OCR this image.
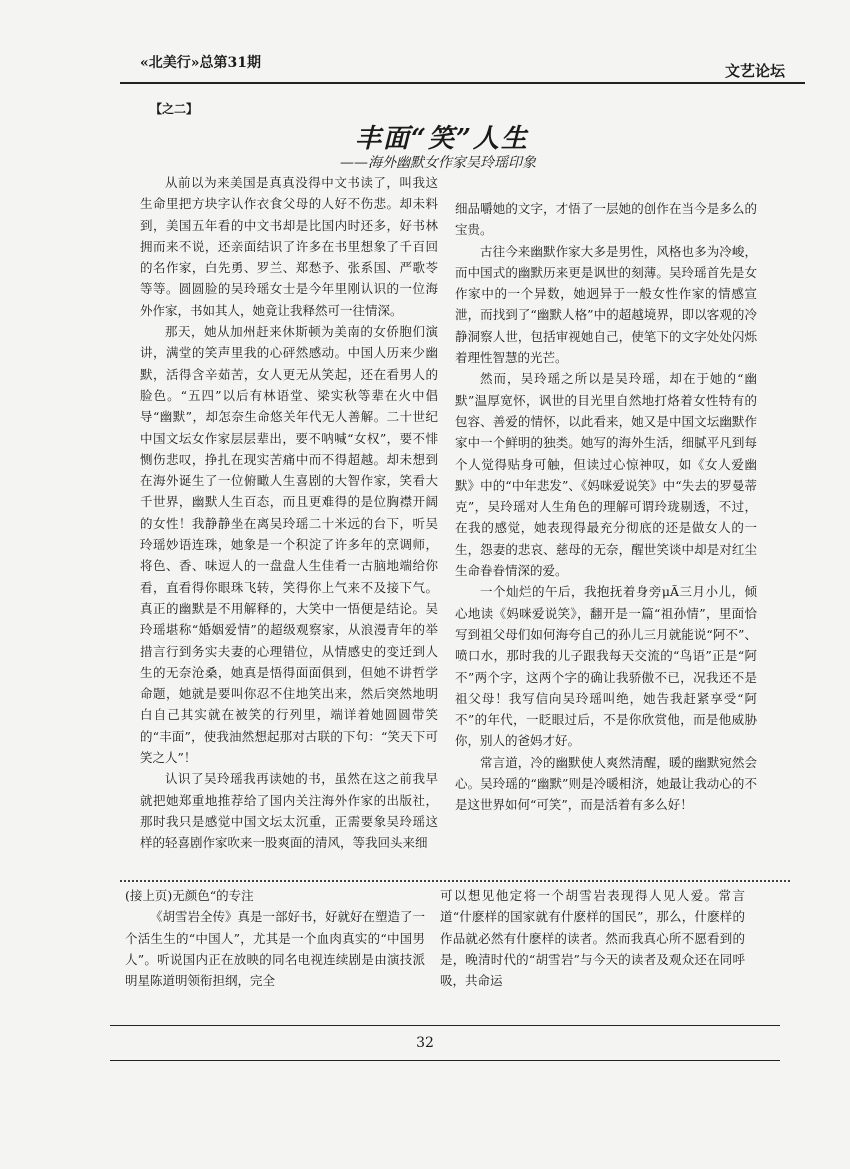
«北美行»总第31期	文艺论坛
【之二】
丰面“笑”人生
——海外幽默女作家吴玲瑶印象

从前以为来美国是真真没得中文书读了，叫我这生命里把方块字认作衣食父母的人好不伤悲。却未料到，美国五年看的中文书却是比国内时还多，好书林拥而来不说，还亲面结识了许多在书里想象了千百回的名作家，白先勇、罗兰、郑愁予、张系国、严歌苓等等。圆圆脸的吴玲瑶女士是今年里刚认识的一位海外作家，书如其人，她竟让我释然可一往情深。

那天，她从加州赶来休斯顿为美南的女侨胞们演讲，满堂的笑声里我的心砰然感动。中国人历来少幽默，活得含辛茹苦，女人更无从笑起，还在看男人的脸色。“五四”以后有林语堂、梁实秋等辈在火中倡导“幽默”，却怎奈生命悠关年代无人善解。二十世纪中国文坛女作家层层辈出，要不呐喊“女权”，要不悱恻伤悲叹，挣扎在现实苦痛中而不得超越。却未想到在海外诞生了一位俯瞰人生喜剧的大智作家，笑看大千世界，幽默人生百态，而且更难得的是位胸襟开阔的女性！我静静坐在离吴玲瑶二十米远的台下，听吴玲瑶妙语连珠，她象是一个积淀了许多年的烹调师，将色、香、味逗人的一盘盘人生佳肴一古脑地端给你看，直看得你眼珠飞转，笑得你上气来不及接下气。真正的幽默是不用解释的，大笑中一悟便是结论。吴玲瑶堪称“婚姻爱情”的超级观察家，从浪漫青年的举措言行到务实夫妻的心理错位，从情感史的变迁到人生的无奈沧桑，她真是悟得面面俱到，但她不讲哲学命题，她就是要叫你忍不住地笑出来，然后突然地明白自己其实就在被笑的行列里，端详着她圆圆带笑的“丰面”，使我油然想起那对古联的下句：“笑天下可笑之人”！

认识了吴玲瑶我再读她的书，虽然在这之前我早就把她郑重地推荐给了国内关注海外作家的出版社，那时我只是感觉中国文坛太沉重，正需要象吴玲瑶这样的轻喜剧作家吹来一股爽面的清风，等我回头来细

细品嚼她的文字，才悟了一层她的创作在当今是多么的宝贵。

古往今来幽默作家大多是男性，风格也多为冷峻，而中国式的幽默历来更是讽世的刻薄。吴玲瑶首先是女作家中的一个异数，她迥异于一般女性作家的情感宣泄，而找到了“幽默人格”中的超越境界，即以客观的冷静洞察人世，包括审视她自己，使笔下的文字处处闪烁着理性智慧的光芒。

然而，吴玲瑶之所以是吴玲瑶，却在于她的“幽默”温厚宽怀，讽世的目光里自然地打烙着女性特有的包容、善爱的情怀，以此看来，她又是中国文坛幽默作家中一个鲜明的独类。她写的海外生活，细腻平凡到每个人觉得贴身可触，但读过心惊神叹，如《女人爱幽默》中的“中年悲发”、《妈咪爱说笑》中“失去的罗曼蒂克”，吴玲瑶对人生角色的理解可谓玲珑剔透，不过，在我的感觉，她表现得最充分彻底的还是做女人的一生，怨妻的悲哀、慈母的无奈，醒世笑谈中却是对红尘生命眷眷情深的爱。

一个灿烂的午后，我抱抚着身旁μÃ三月小儿，倾心地读《妈咪爱说笑》，翻开是一篇“祖孙情”，里面恰写到祖父母们如何海夸自己的孙儿三月就能说“阿不”、喷口水，那时我的儿子跟我每天交流的“鸟语”正是“阿不”两个字，这两个字的确让我骄傲不已，况我还不是祖父母！我写信向吴玲瑶叫绝，她告我赶紧享受“阿不”的年代，一眨眼过后，不是你欣赏他，而是他威胁你，别人的爸妈才好。

常言道，冷的幽默使人爽然清醒，暖的幽默宛然会心。吴玲瑶的“幽默”则是冷暖相济，她最让我动心的不是这世界如何“可笑”，而是活着有多么好！

(接上页)无颜色“的专注

《胡雪岩全传》真是一部好书，好就好在塑造了一个活生生的“中国人”，尤其是一个血肉真实的“中国男人”。听说国内正在放映的同名电视连续剧是由演技派明星陈道明领衔担纲，完全

可以想见他定将一个胡雪岩表现得人见人爱。常言道“什麽样的国家就有什麽样的国民”，那么，什麽样的作品就必然有什麽样的读者。然而我真心所不愿看到的是，晚清时代的“胡雪岩”与今天的读者及观众还在同呼吸，共命运

32
